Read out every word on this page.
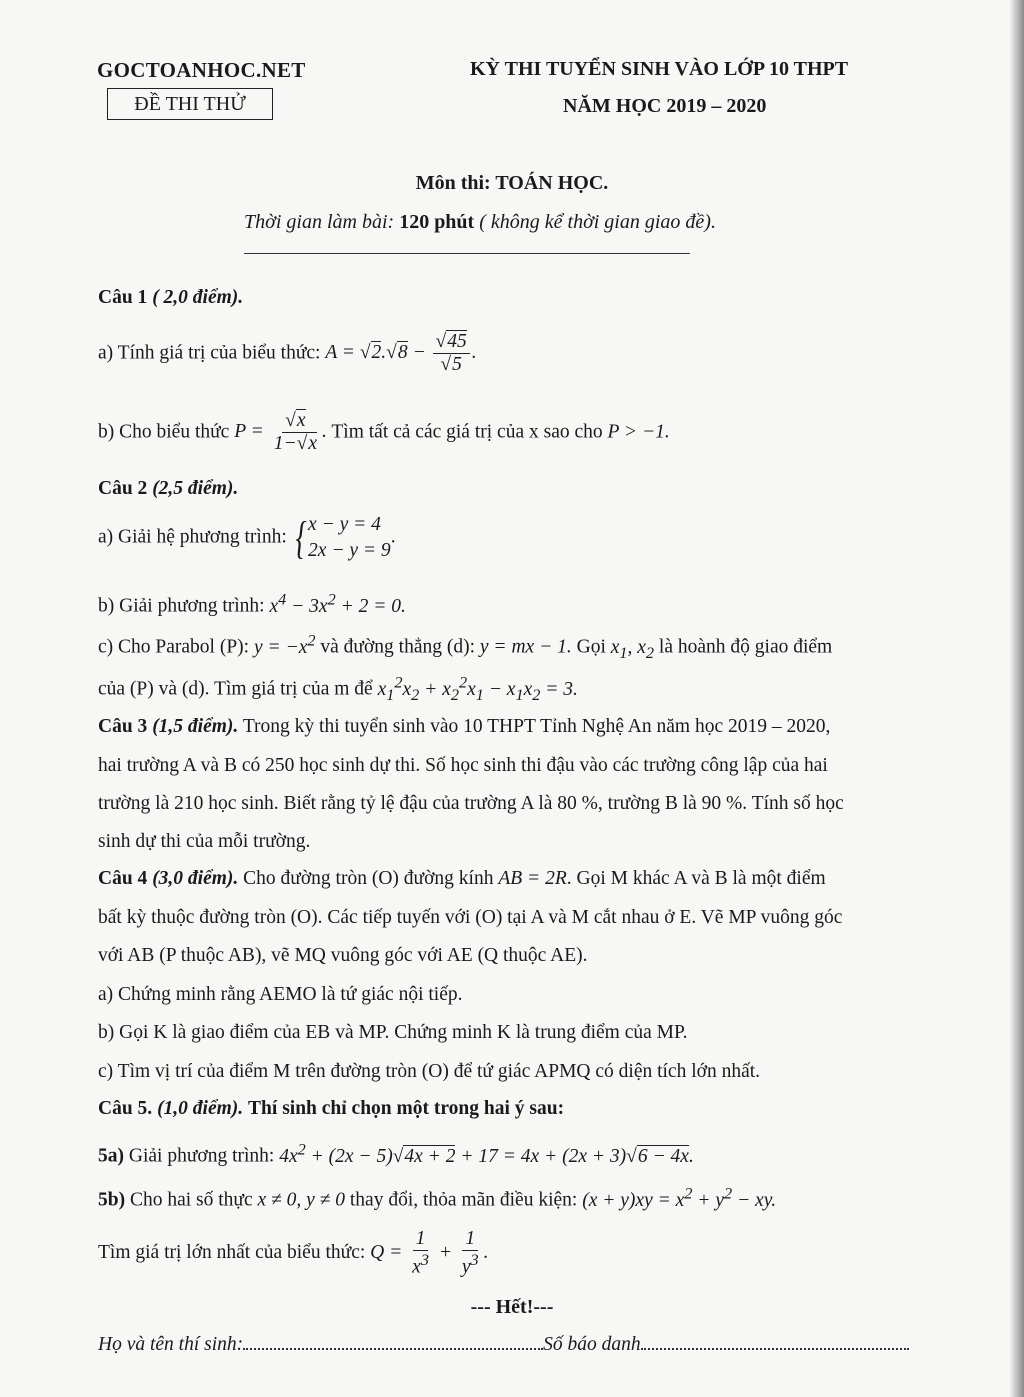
GOCTOANHOC.NET
ĐỀ THI THỬ
KỲ THI TUYỂN SINH VÀO LỚP 10 THPT
NĂM HỌC 2019 – 2020
Môn thi: TOÁN HỌC.
Thời gian làm bài: 120 phút ( không kể thời gian giao đề).
Câu 1 ( 2,0 điểm).
a) Tính giá trị của biểu thức: $A = √2.√8 - \frac{√45}{√5}$ .
b) Cho biểu thức $P = \frac{√x}{1-√x}$ . Tìm tất cả các giá trị của x sao cho P > −1.
Câu 2 (2,5 điểm).
a) Giải hệ phương trình: { x − y = 4
2x − y = 9
.
b) Giải phương trình: $x^4 - 3x^2 + 2 = 0$.
c) Cho Parabol (P): $y = -x^2$ và đường thẳng (d): y = mx − 1. Gọi $x_1$, $x_2$ là hoành độ giao điểm
của (P) và (d). Tìm giá trị của m để $x_1^2x_2 + x_2^2x_1 - x_1x_2 = 3$.
Câu 3 (1,5 điểm). Trong kỳ thi tuyển sinh vào 10 THPT Tỉnh Nghệ An năm học 2019 – 2020,
hai trường A và B có 250 học sinh dự thi. Số học sinh thi đậu vào các trường công lập của hai
trường là 210 học sinh. Biết rằng tỷ lệ đậu của trường A là 80 %, trường B là 90 %. Tính số học
sinh dự thi của mỗi trường.
Câu 4 (3,0 điểm). Cho đường tròn (O) đường kính AB = 2R. Gọi M khác A và B là một điểm
bất kỳ thuộc đường tròn (O). Các tiếp tuyến với (O) tại A và M cắt nhau ở E. Vẽ MP vuông góc
với AB (P thuộc AB), vẽ MQ vuông góc với AE (Q thuộc AE).
a) Chứng minh rằng AEMO là tứ giác nội tiếp.
b) Gọi K là giao điểm của EB và MP. Chứng minh K là trung điểm của MP.
c) Tìm vị trí của điểm M trên đường tròn (O) để tứ giác APMQ có diện tích lớn nhất.
Câu 5. (1,0 điểm). Thí sinh chỉ chọn một trong hai ý sau:
5a) Giải phương trình: $4x^2 + (2x - 5)√4x + 2 + 17 = 4x + (2x + 3)√6 - 4x$.
5b) Cho hai số thực x ≠ 0, y ≠ 0 thay đổi, thỏa mãn điều kiện: $(x + y)xy = x^2 + y^2$ − xy.
Tìm giá trị lớn nhất của biểu thức: $Q = \frac{1}{x^3} + \frac{1}{y^3}$ .
--- Hết!---
Họ và tên thí sinh:	Số báo danh
